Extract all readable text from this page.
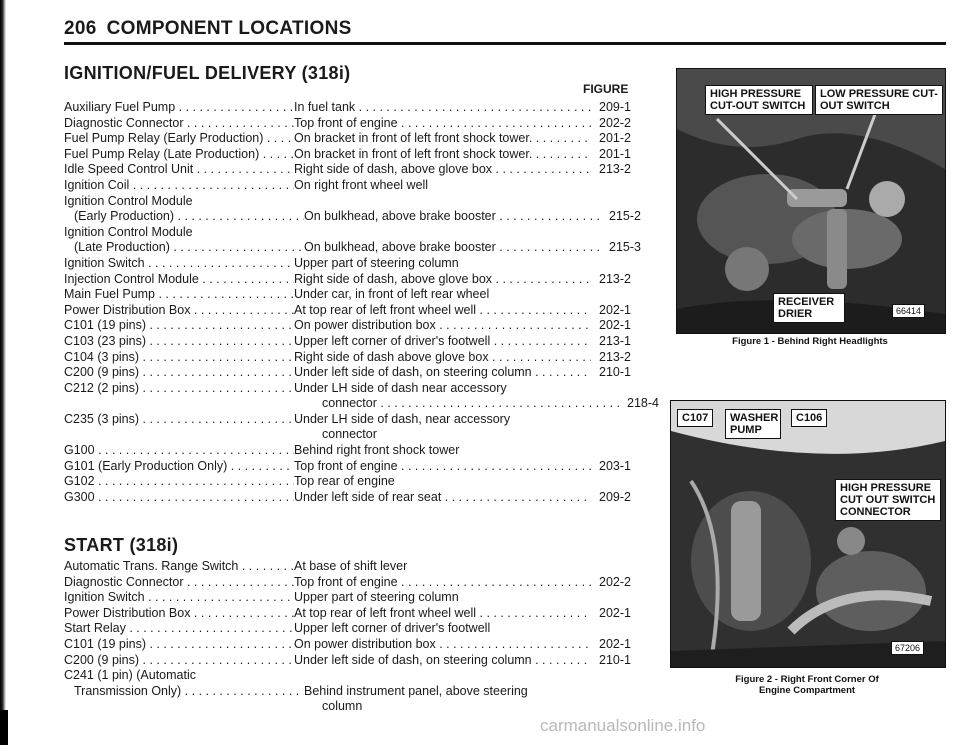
206 COMPONENT LOCATIONS
IGNITION/FUEL DELIVERY (318i)
FIGURE
Auxiliary Fuel Pump . . .	In fuel tank . . .	209-1
Diagnostic Connector . . .	Top front of engine . . .	202-2
Fuel Pump Relay (Early Production) . . .	On bracket in front of left front shock tower. . . .	201-2
Fuel Pump Relay (Late Production) . . .	On bracket in front of left front shock tower. . . .	201-1
Idle Speed Control Unit . . .	Right side of dash, above glove box . . .	213-2
Ignition Coil . . .	On right front wheel well
Ignition Control Module
(Early Production) . . .	On bulkhead, above brake booster . . .	215-2
Ignition Control Module
(Late Production) . . .	On bulkhead, above brake booster . . .	215-3
Ignition Switch . . .	Upper part of steering column
Injection Control Module . . .	Right side of dash, above glove box . . .	213-2
Main Fuel Pump . . .	Under car, in front of left rear wheel
Power Distribution Box . . .	At top rear of left front wheel well . . .	202-1
C101 (19 pins) . . .	On power distribution box . . .	202-1
C103 (23 pins) . . .	Upper left corner of driver's footwell . . .	213-1
C104 (3 pins) . . .	Right side of dash above glove box . . .	213-2
C200 (9 pins) . . .	Under left side of dash, on steering column . . .	210-1
C212 (2 pins) . . .	Under LH side of dash near accessory
connector . . .	218-4
C235 (3 pins) . . .	Under LH side of dash, near accessory
connector
G100 . . .	Behind right front shock tower
G101 (Early Production Only) . . .	Top front of engine . . .	203-1
G102 . . .	Top rear of engine
G300 . . .	Under left side of rear seat . . .	209-2
START (318i)
Automatic Trans. Range Switch . . .	At base of shift lever
Diagnostic Connector . . .	Top front of engine . . .	202-2
Ignition Switch . . .	Upper part of steering column
Power Distribution Box . . .	At top rear of left front wheel well . . .	202-1
Start Relay . . .	Upper left corner of driver's footwell
C101 (19 pins) . . .	On power distribution box . . .	202-1
C200 (9 pins) . . .	Under left side of dash, on steering column . . .	210-1
C241 (1 pin) (Automatic
Transmission Only) . . .	Behind instrument panel, above steering
column
HIGH PRESSURE CUT-OUT SWITCH
LOW PRESSURE CUT-OUT SWITCH
RECEIVER DRIER	66414
Figure 1 - Behind Right Headlights
C107	WASHER PUMP
C106
HIGH PRESSURE CUT OUT SWITCH CONNECTOR
67206
Figure 2 - Right Front Corner Of
Engine Compartment
carmanualsonline.info
